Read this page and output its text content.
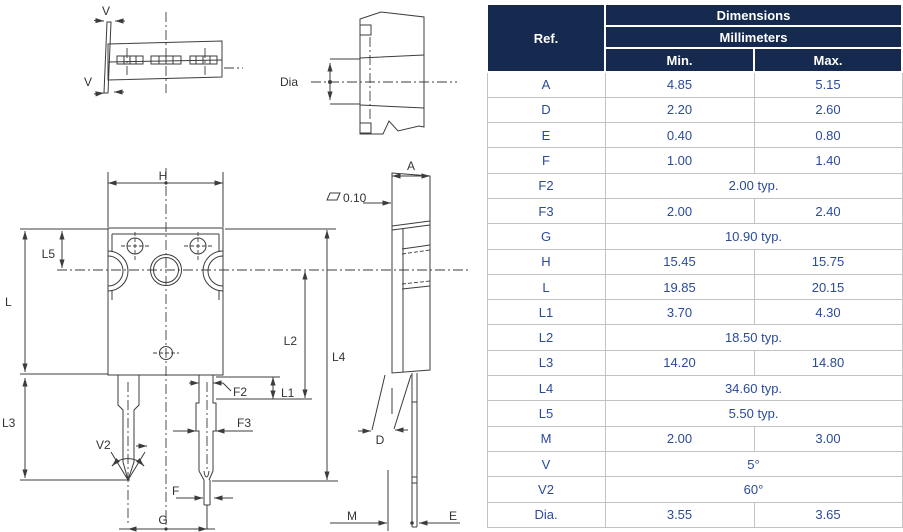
V
V	Dia
H
L5
L
L3
L2
L4
L1
F2
F3
V2
F
G
A
0.10
D
M	E
Ref.	Dimensions	
	Millimeters	
	Min.	Max.
A	4.85	5.15
D	2.20	2.60
E	0.40	0.80
F	1.00	1.40
F2	2.00 typ.	
F3	2.00	2.40
G	10.90 typ.	
H	15.45	15.75
L	19.85	20.15
L1	3.70	4.30
L2	18.50 typ.	
L3	14.20	14.80
L4	34.60 typ.	
L5	5.50 typ.	
M	2.00	3.00
V	5°	
V2	60°	
Dia.	3.55	3.65
